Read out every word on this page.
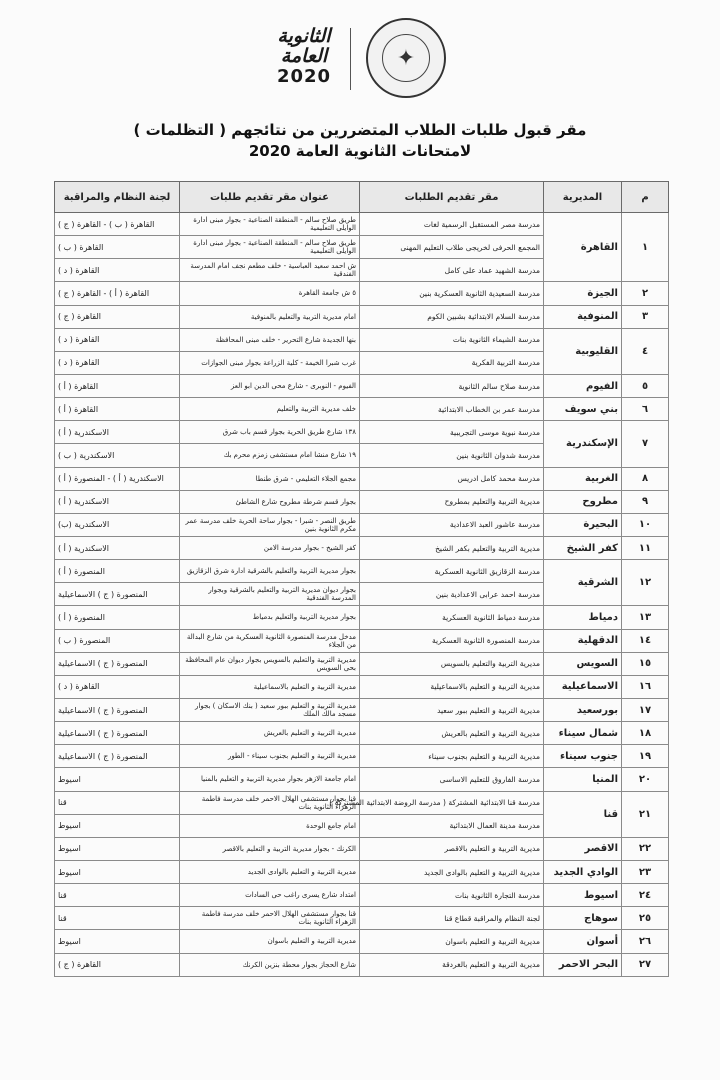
✦
الثانوية
العامة
2020
مقر قبول طلبات الطلاب المتضررين من نتائجهم ( التظلمات )
لامتحانات الثانوية العامة 2020
م	المديرية	مقر تقديم الطلبات	عنوان مقر تقديم طلبات	لجنة النظام والمراقبة
١	القاهرة	مدرسة مصر المستقبل الرسمية لغات	طريق صلاح سالم - المنطقة الصناعية - بجوار مبنى ادارة الوايلى التعليمية	القاهرة ( ب ) - القاهرة ( ج )
		المجمع الحرفى لخريجى طلاب التعليم المهنى	طريق صلاح سالم - المنطقة الصناعية - بجوار مبنى ادارة الوايلى التعليمية	القاهرة ( ب )
		مدرسة الشهيد عماد على كامل	ش احمد سعيد العباسية - خلف مطعم نجف امام المدرسة الفندقية	القاهرة ( د )
٢	الجيزة	مدرسة السعيدية الثانوية العسكرية بنين	٥ ش جامعة القاهرة	القاهرة ( أ ) - القاهرة ( ج )
٣	المنوفية	مدرسة السلام الابتدائية بشبين الكوم	امام مديرية التربية والتعليم بالمنوفية	القاهرة ( ج )
٤	القليوبية	مدرسة الشيماء الثانوية بنات	بنها الجديدة شارع التحرير - خلف مبنى المحافظة	القاهرة ( د )
		مدرسة التربية الفكرية	غرب شبرا الخيمة - كلية الزراعة بجوار مبنى الجوازات	القاهرة ( د )
٥	الفيوم	مدرسة صلاح سالم الثانوية	الفيوم - النوبرى - شارع محى الدين ابو العز	القاهرة ( أ )
٦	بني سويف	مدرسة عمر بن الخطاب الابتدائية	خلف مديرية التربية والتعليم	القاهرة ( أ )
٧	الإسكندرية	مدرسة نبوية موسى التجريبية	١٣٨ شارع طريق الحرية بجوار قسم باب شرق	الاسكندرية ( أ )
		مدرسة شدوان الثانوية بنين	١٩ شارع منشا امام مستشفى زمزم محرم بك	الاسكندرية ( ب )
٨	الغربية	مدرسة محمد كامل ادريس	مجمع الجلاء التعليمي - شرق طنطا	الاسكندرية ( أ ) - المنصورة ( أ )
٩	مطروح	مديرية التربية والتعليم بمطروح	بجوار قسم شرطة مطروح شارع الشاطئ	الاسكندرية ( أ )
١٠	البحيرة	مدرسة عاشور العبد الاعدادية	طريق النصر - شبرا - بجوار ساحة الحرية خلف مدرسة عمر مكرم الثانوية بنين	الاسكندرية (ب)
١١	كفر الشيخ	مديرية التربية والتعليم بكفر الشيخ	كفر الشيخ - بجوار مدرسة الامن	الاسكندرية ( أ )
١٢	الشرقية	مدرسة الزقازيق الثانوية العسكرية	بجوار مديرية التربية والتعليم بالشرقية ادارة شرق الزقازيق	المنصورة ( أ )
		مدرسة احمد عرابى الاعدادية بنين	بجوار ديوان مديرية التربية والتعليم بالشرقية وبجوار المدرسة الفندقية	المنصورة ( ج ) الاسماعيلية
١٣	دمياط	مدرسة دمياط الثانوية العسكرية	بجوار مديرية التربية والتعليم بدمياط	المنصورة ( أ )
١٤	الدقهلية	مدرسة المنصورة الثانوية العسكرية	مدخل مدرسة المنصورة الثانوية العسكرية من شارع البدالة من الجلاء	المنصورة ( ب )
١٥	السويس	مديرية التربية والتعليم بالسويس	مديرية التربية والتعليم بالسويس بجوار ديوان عام المحافظة بحى السويس	المنصورة ( ج ) الاسماعيلية
١٦	الاسماعيلية	مديرية التربية و التعليم بالاسماعيلية	مديرية التربية و التعليم بالاسماعيلية	القاهرة ( د )
١٧	بورسعيد	مديرية التربية و التعليم ببور سعيد	مديرية التربية و التعليم ببور سعيد ( بنك الاسكان ) بجوار مسجد مالك الملك	المنصورة ( ج ) الاسماعيلية
١٨	شمال سيناء	مديرية التربية و التعليم بالعريش	مديرية التربية و التعليم بالعريش	المنصورة ( ج ) الاسماعيلية
١٩	جنوب سيناء	مديرية التربية و التعليم بجنوب سيناء	مديرية التربية و التعليم بجنوب سيناء - الطور	المنصورة ( ج ) الاسماعيلية
٢٠	المنيا	مدرسة الفاروق للتعليم الاساسى	امام جامعة الازهر بجوار مديرية التربية و التعليم بالمنيا	اسيوط
٢١	قنا	مدرسة قنا الابتدائية المشتركة ( مدرسة الروضة الابتدائية المشتركة )	قنا بجوار مستشفى الهلال الاحمر خلف مدرسة فاطمة الزهراء الثانوية بنات	قنا
		مدرسة مدينة العمال الابتدائية	امام جامع الوحدة	اسيوط
٢٢	الاقصر	مديرية التربية و التعليم بالاقصر	الكرنك - بجوار مديرية التربية و التعليم بالاقصر	اسيوط
٢٣	الوادي الجديد	مديرية التربية و التعليم بالوادى الجديد	مديرية التربية و التعليم بالوادى الجديد	اسيوط
٢٤	اسيوط	مدرسة التجارة الثانوية بنات	امتداد شارع يسرى راغب حى السادات	قنا
٢٥	سوهاج	لجنة النظام والمراقبة قطاع قنا	قنا بجوار مستشفى الهلال الاحمر خلف مدرسة فاطمة الزهراء الثانوية بنات	قنا
٢٦	أسوان	مديرية التربية و التعليم باسوان	مديرية التربية و التعليم باسوان	اسيوط
٢٧	البحر الاحمر	مديرية التربية و التعليم بالغردقة	شارع الحجاز بجوار محطة بنزين الكرنك	القاهرة ( ج )
